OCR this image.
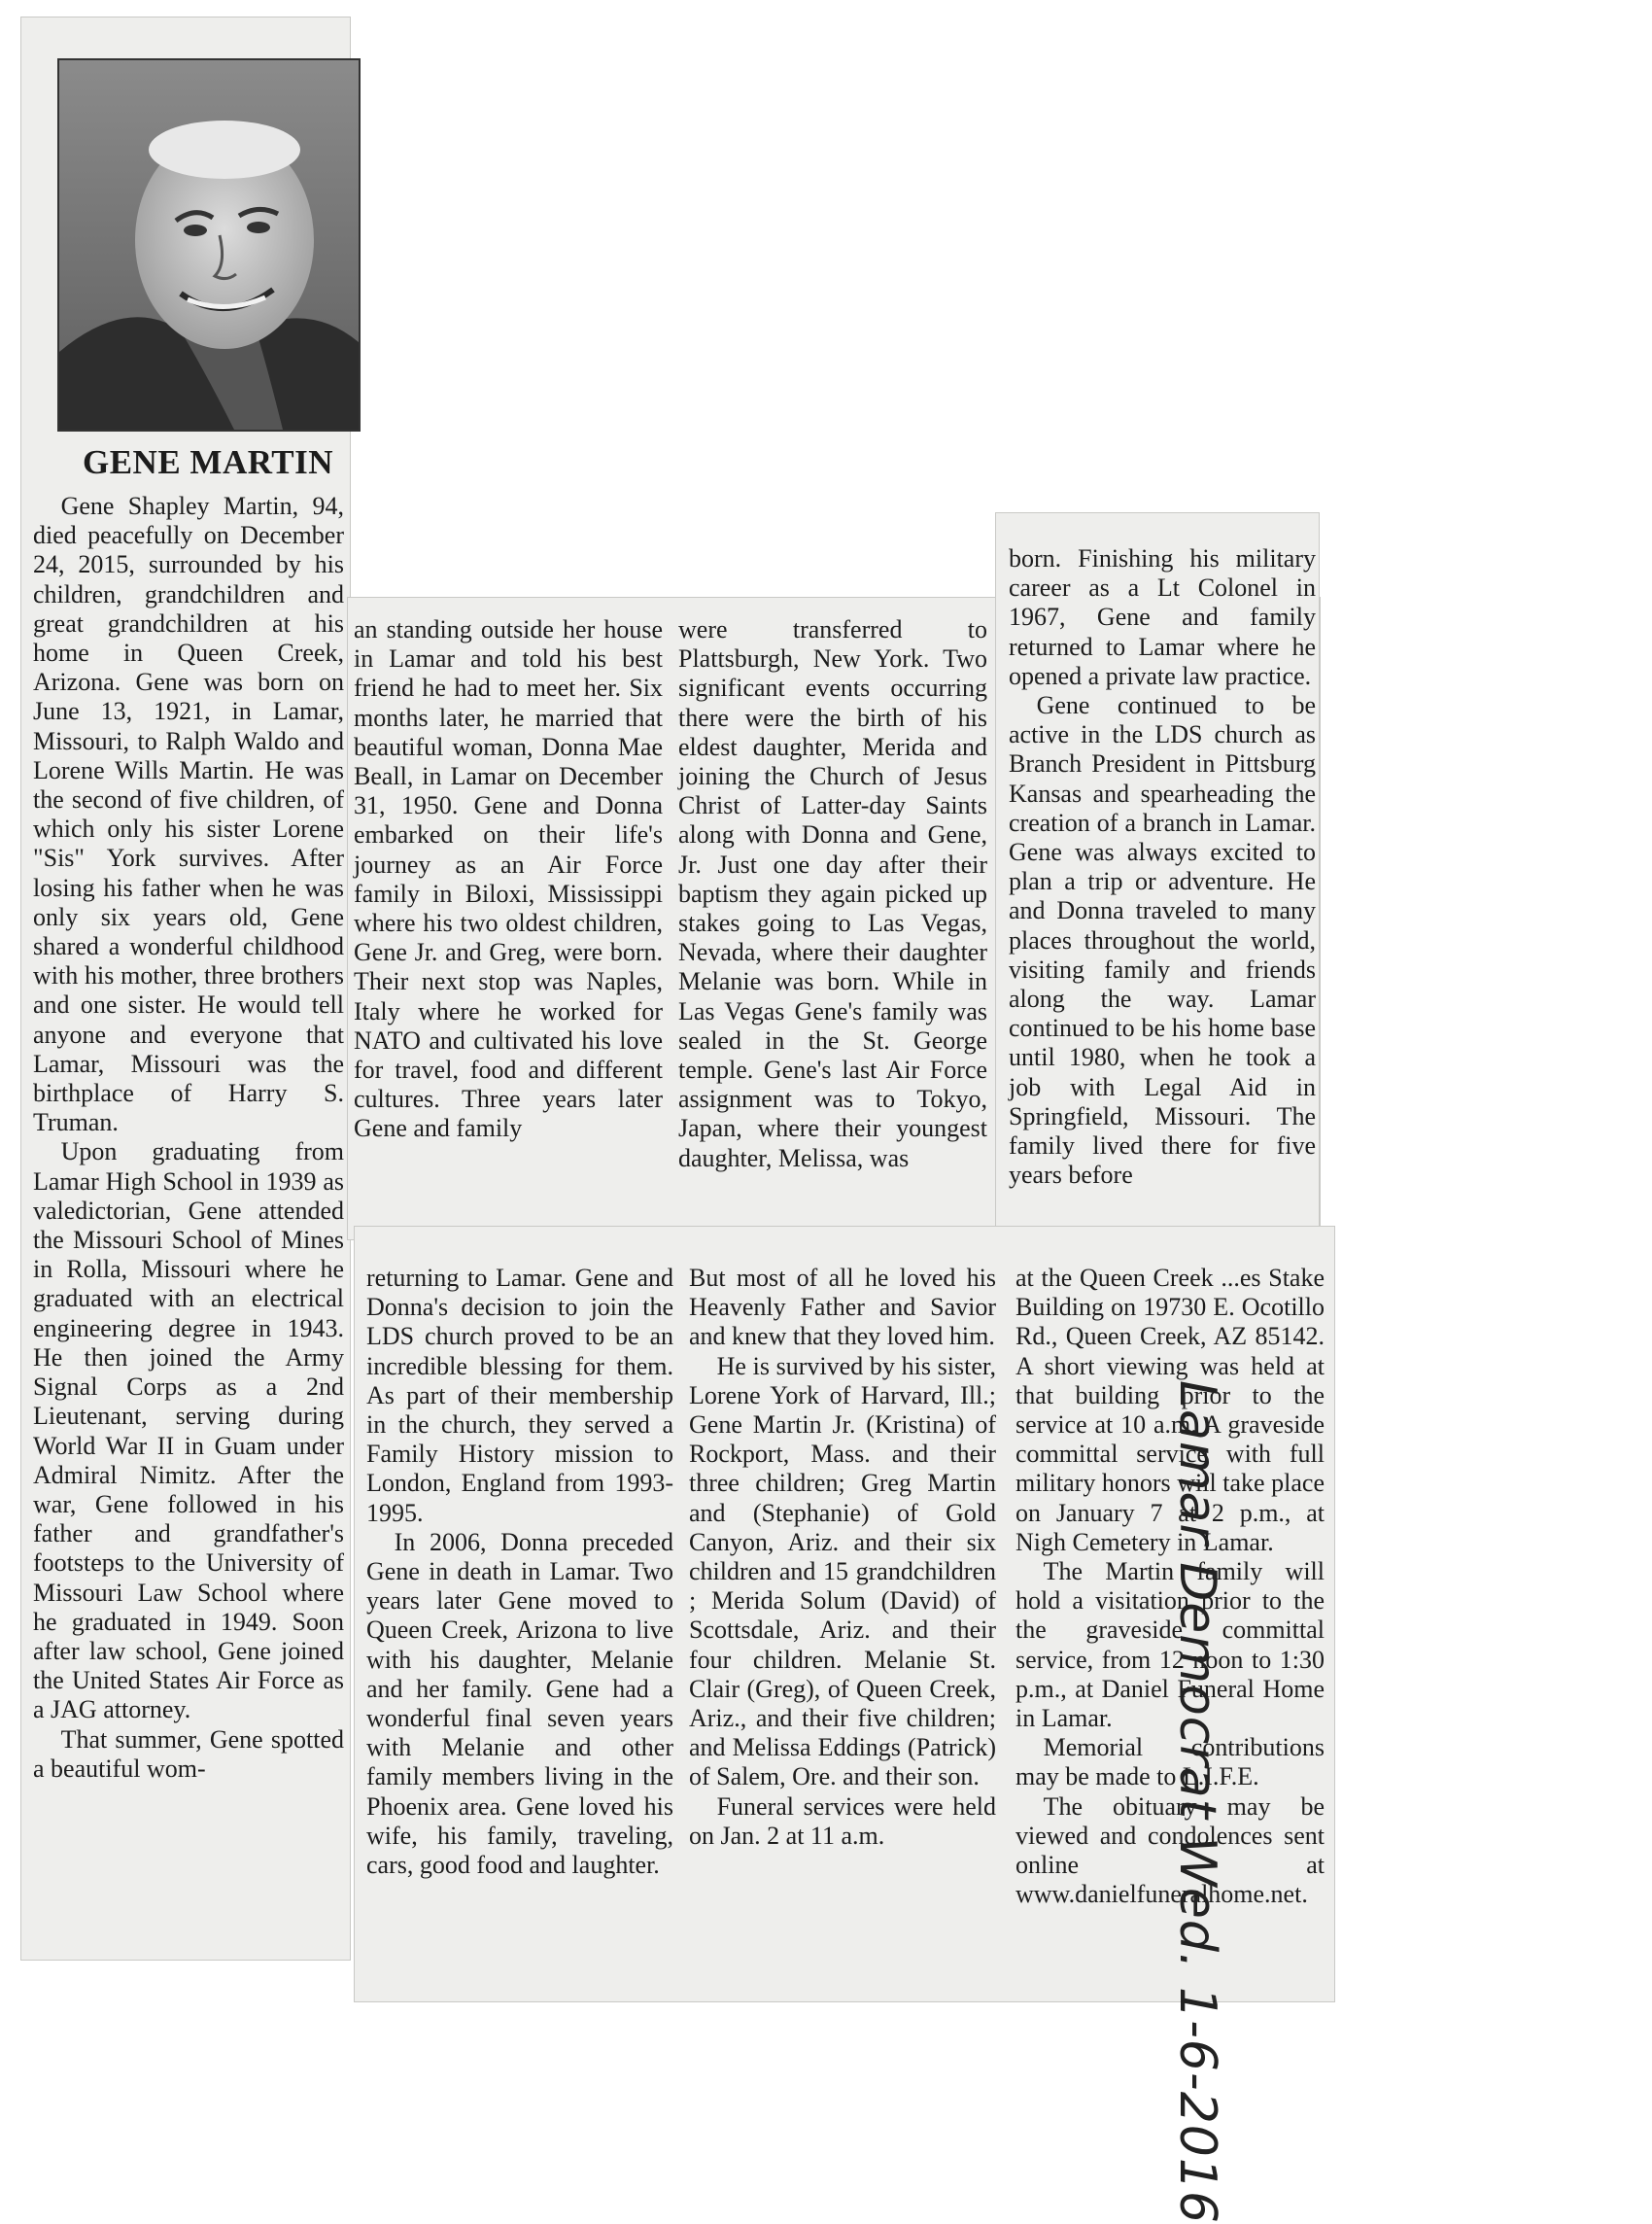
GENE MARTIN

Gene Shapley Martin, 94, died peacefully on December 24, 2015, surrounded by his children, grandchildren and great grandchildren at his home in Queen Creek, Arizona. Gene was born on June 13, 1921, in Lamar, Missouri, to Ralph Waldo and Lorene Wills Martin. He was the second of five children, of which only his sister Lorene "Sis" York survives. After losing his father when he was only six years old, Gene shared a wonderful childhood with his mother, three brothers and one sister. He would tell anyone and everyone that Lamar, Missouri was the birthplace of Harry S. Truman.

Upon graduating from Lamar High School in 1939 as valedictorian, Gene attended the Missouri School of Mines in Rolla, Missouri where he graduated with an electrical engineering degree in 1943. He then joined the Army Signal Corps as a 2nd Lieutenant, serving during World War II in Guam under Admiral Nimitz. After the war, Gene followed in his father and grandfather's footsteps to the University of Missouri Law School where he graduated in 1949. Soon after law school, Gene joined the United States Air Force as a JAG attorney.

That summer, Gene spotted a beautiful wom-

an standing outside her house in Lamar and told his best friend he had to meet her. Six months later, he married that beautiful woman, Donna Mae Beall, in Lamar on December 31, 1950. Gene and Donna embarked on their life's journey as an Air Force family in Biloxi, Mississippi where his two oldest children, Gene Jr. and Greg, were born. Their next stop was Naples, Italy where he worked for NATO and cultivated his love for travel, food and different cultures. Three years later Gene and family

were transferred to Plattsburgh, New York. Two significant events occurring there were the birth of his eldest daughter, Merida and joining the Church of Jesus Christ of Latter-day Saints along with Donna and Gene, Jr. Just one day after their baptism they again picked up stakes going to Las Vegas, Nevada, where their daughter Melanie was born. While in Las Vegas Gene's family was sealed in the St. George temple. Gene's last Air Force assignment was to Tokyo, Japan, where their youngest daughter, Melissa, was

born. Finishing his military career as a Lt Colonel in 1967, Gene and family returned to Lamar where he opened a private law practice.

Gene continued to be active in the LDS church as Branch President in Pittsburg Kansas and spearheading the creation of a branch in Lamar. Gene was always excited to plan a trip or adventure. He and Donna traveled to many places throughout the world, visiting family and friends along the way. Lamar continued to be his home base until 1980, when he took a job with Legal Aid in Springfield, Missouri. The family lived there for five years before

returning to Lamar. Gene and Donna's decision to join the LDS church proved to be an incredible blessing for them. As part of their membership in the church, they served a Family History mission to London, England from 1993-1995.

In 2006, Donna preceded Gene in death in Lamar. Two years later Gene moved to Queen Creek, Arizona to live with his daughter, Melanie and her family. Gene had a wonderful final seven years with Melanie and other family members living in the Phoenix area. Gene loved his wife, his family, traveling, cars, good food and laughter.

But most of all he loved his Heavenly Father and Savior and knew that they loved him.

He is survived by his sister, Lorene York of Harvard, Ill.; Gene Martin Jr. (Kristina) of Rockport, Mass. and their three children; Greg Martin and (Stephanie) of Gold Canyon, Ariz. and their six children and 15 grandchildren ; Merida Solum (David) of Scottsdale, Ariz. and their four children. Melanie St. Clair (Greg), of Queen Creek, Ariz., and their five children; and Melissa Eddings (Patrick) of Salem, Ore. and their son.

Funeral services were held on Jan. 2 at 11 a.m.

at the Queen Creek ...es Stake Building on 19730 E. Ocotillo Rd., Queen Creek, AZ 85142. A short viewing was held at that building prior to the service at 10 a.m. A graveside committal service with full military honors will take place on January 7 at 2 p.m., at Nigh Cemetery in Lamar.

The Martin family will hold a visitation prior to the the graveside committal service, from 12 noon to 1:30 p.m., at Daniel Funeral Home in Lamar.

Memorial contributions may be made to L.I.F.E.

The obituary may be viewed and condolences sent online at www.danielfuneralhome.net.

Lamar Democrat Wed. 1-6-2016
